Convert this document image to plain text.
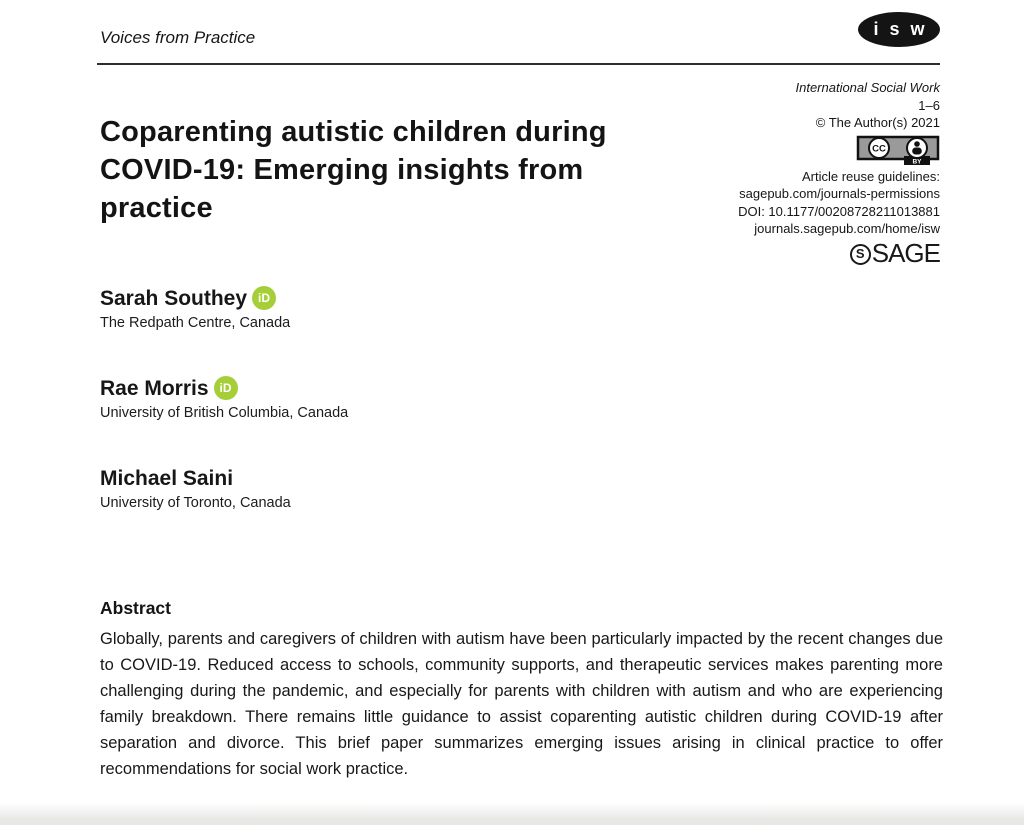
Voices from Practice	i s w
International Social Work
1–6
© The Author(s) 2021
CC
BY
Article reuse guidelines:
sagepub.com/journals-permissions
DOI: 10.1177/00208728211013881
journals.sagepub.com/home/isw
S SAGE
Coparenting autistic children during COVID-19: Emerging insights from practice
Sarah Southey iD
The Redpath Centre, Canada
Rae Morris iD
University of British Columbia, Canada
Michael Saini
University of Toronto, Canada
Abstract
Globally, parents and caregivers of children with autism have been particularly impacted by the recent changes due to COVID-19. Reduced access to schools, community supports, and therapeutic services makes parenting more challenging during the pandemic, and especially for parents with children with autism and who are experiencing family breakdown. There remains little guidance to assist coparenting autistic children during COVID-19 after separation and divorce. This brief paper summarizes emerging issues arising in clinical practice to offer recommendations for social work practice.
